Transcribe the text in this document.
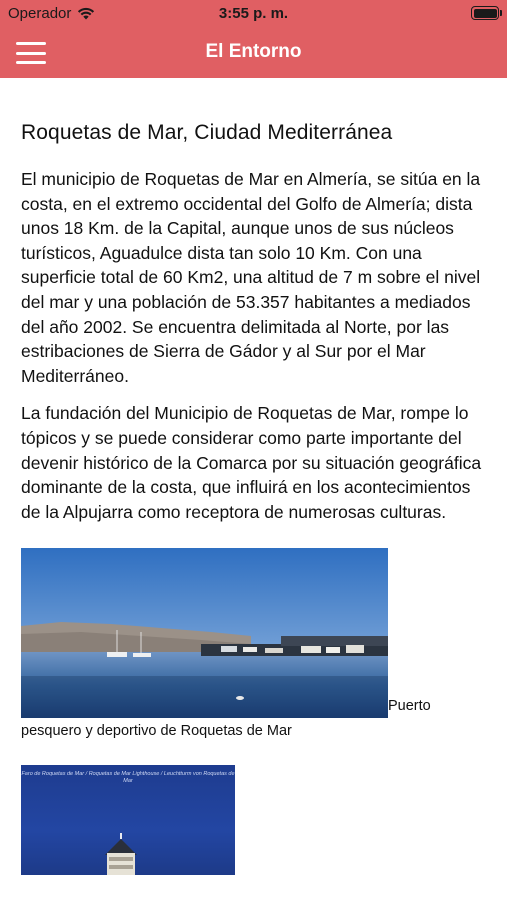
Operador	3:55 p. m.
El Entorno
Roquetas de Mar, Ciudad Mediterránea

El municipio de Roquetas de Mar en Almería, se sitúa en la costa, en el extremo occidental del Golfo de Almería; dista unos 18 Km. de la Capital, aunque unos de sus núcleos turísticos, Aguadulce dista tan solo 10 Km. Con una superficie total de 60 Km2, una altitud de 7 m sobre el nivel del mar y una población de 53.357 habitantes a mediados del año 2002. Se encuentra delimitada al Norte, por las estribaciones de Sierra de Gádor y al Sur por el Mar Mediterráneo.

La fundación del Municipio de Roquetas de Mar, rompe lo tópicos y se puede considerar como parte importante del devenir histórico de la Comarca por su situación geográfica dominante de la costa, que influirá en los acontecimientos de la Alpujarra como receptora de numerosas culturas.

Puerto pesquero y deportivo de Roquetas de Mar
Faro de Roquetas de Mar / Roquetas de Mar Lighthouse / Leuchtturm von Roquetas de Mar
